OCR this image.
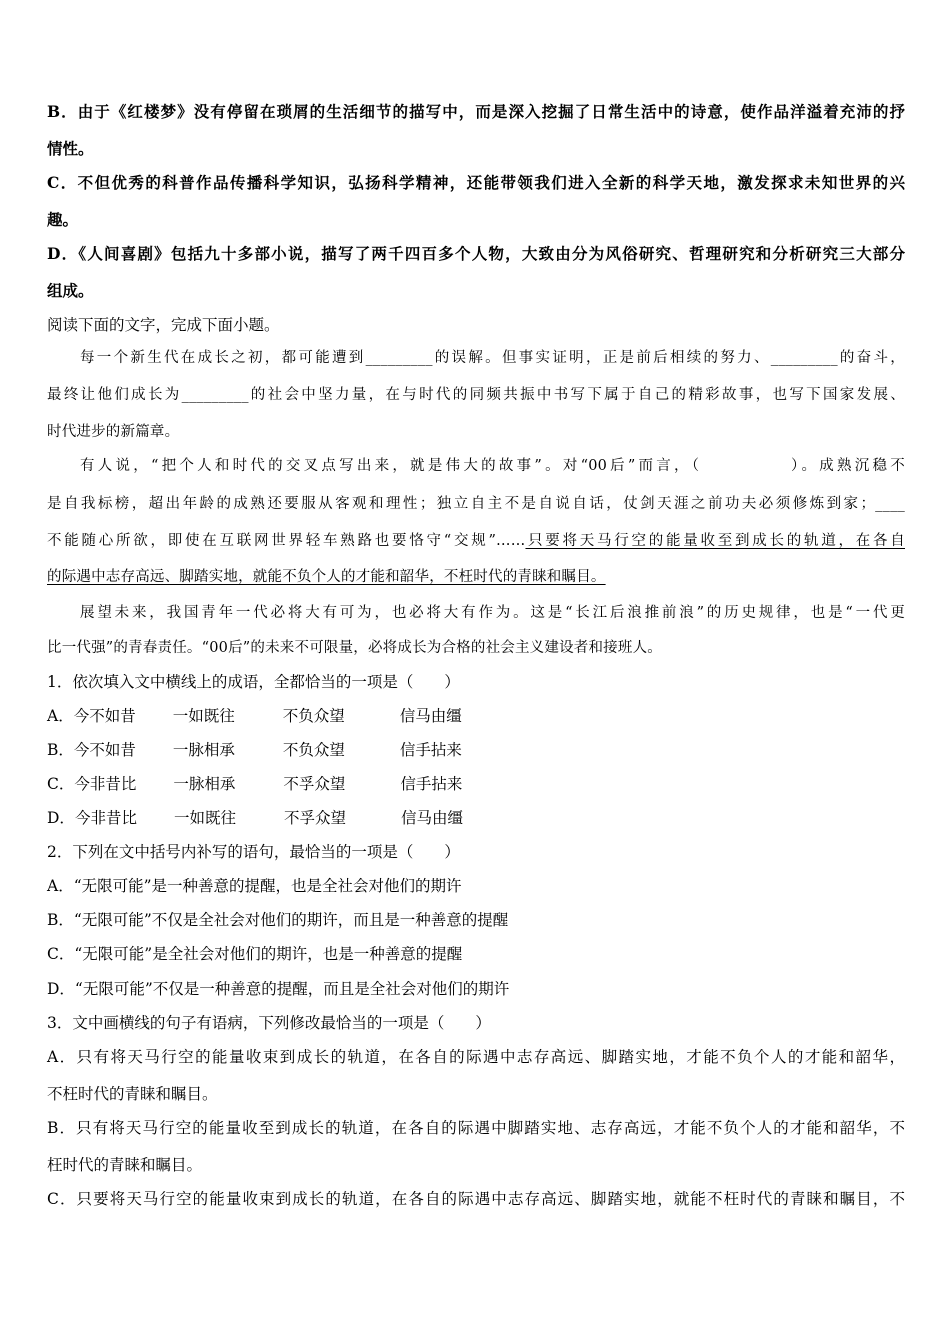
B．由于《红楼梦》没有停留在琐屑的生活细节的描写中，而是深入挖掘了日常生活中的诗意，使作品洋溢着充沛的抒
情性。
C．不但优秀的科普作品传播科学知识，弘扬科学精神，还能带领我们进入全新的科学天地，激发探求未知世界的兴
趣。
D．《人间喜剧》包括九十多部小说，描写了两千四百多个人物，大致由分为风俗研究、哲理研究和分析研究三大部分
组成。
阅读下面的文字，完成下面小题。
每一个新生代在成长之初，都可能遭到_________的误解。但事实证明，正是前后相续的努力、_________的奋斗，
最终让他们成长为_________的社会中坚力量，在与时代的同频共振中书写下属于自己的精彩故事，也写下国家发展、
时代进步的新篇章。
有人说，“把个人和时代的交叉点写出来，就是伟大的故事”。对“00后”而言，（　　　　　）。成熟沉稳不
是自我标榜，超出年龄的成熟还要服从客观和理性；独立自主不是自说自话，仗剑天涯之前功夫必须修炼到家；____
不能随心所欲，即使在互联网世界轻车熟路也要恪守“交规”……只要将天马行空的能量收至到成长的轨道，在各自
的际遇中志存高远、脚踏实地，就能不负个人的才能和韶华，不枉时代的青睐和瞩目。
展望未来，我国青年一代必将大有可为，也必将大有作为。这是“长江后浪推前浪”的历史规律，也是“一代更
比一代强”的青春责任。“00后”的未来不可限量，必将成长为合格的社会主义建设者和接班人。
1．依次填入文中横线上的成语，全都恰当的一项是（　　）
A．今不如昔 一如既往	不负众望	信马由缰
B．今不如昔 一脉相承	不负众望	信手拈来
C．今非昔比 一脉相承	不孚众望	信手拈来
D．今非昔比 一如既往	不孚众望	信马由缰
2．下列在文中括号内补写的语句，最恰当的一项是（　　）
A．“无限可能”是一种善意的提醒，也是全社会对他们的期许
B．“无限可能”不仅是全社会对他们的期许，而且是一种善意的提醒
C．“无限可能”是全社会对他们的期许，也是一种善意的提醒
D．“无限可能”不仅是一种善意的提醒，而且是全社会对他们的期许
3．文中画横线的句子有语病，下列修改最恰当的一项是（　　）
A．只有将天马行空的能量收束到成长的轨道，在各自的际遇中志存高远、脚踏实地，才能不负个人的才能和韶华，
不枉时代的青睐和瞩目。
B．只有将天马行空的能量收至到成长的轨道，在各自的际遇中脚踏实地、志存高远，才能不负个人的才能和韶华，不
枉时代的青睐和瞩目。
C．只要将天马行空的能量收束到成长的轨道，在各自的际遇中志存高远、脚踏实地，就能不枉时代的青睐和瞩目，不
